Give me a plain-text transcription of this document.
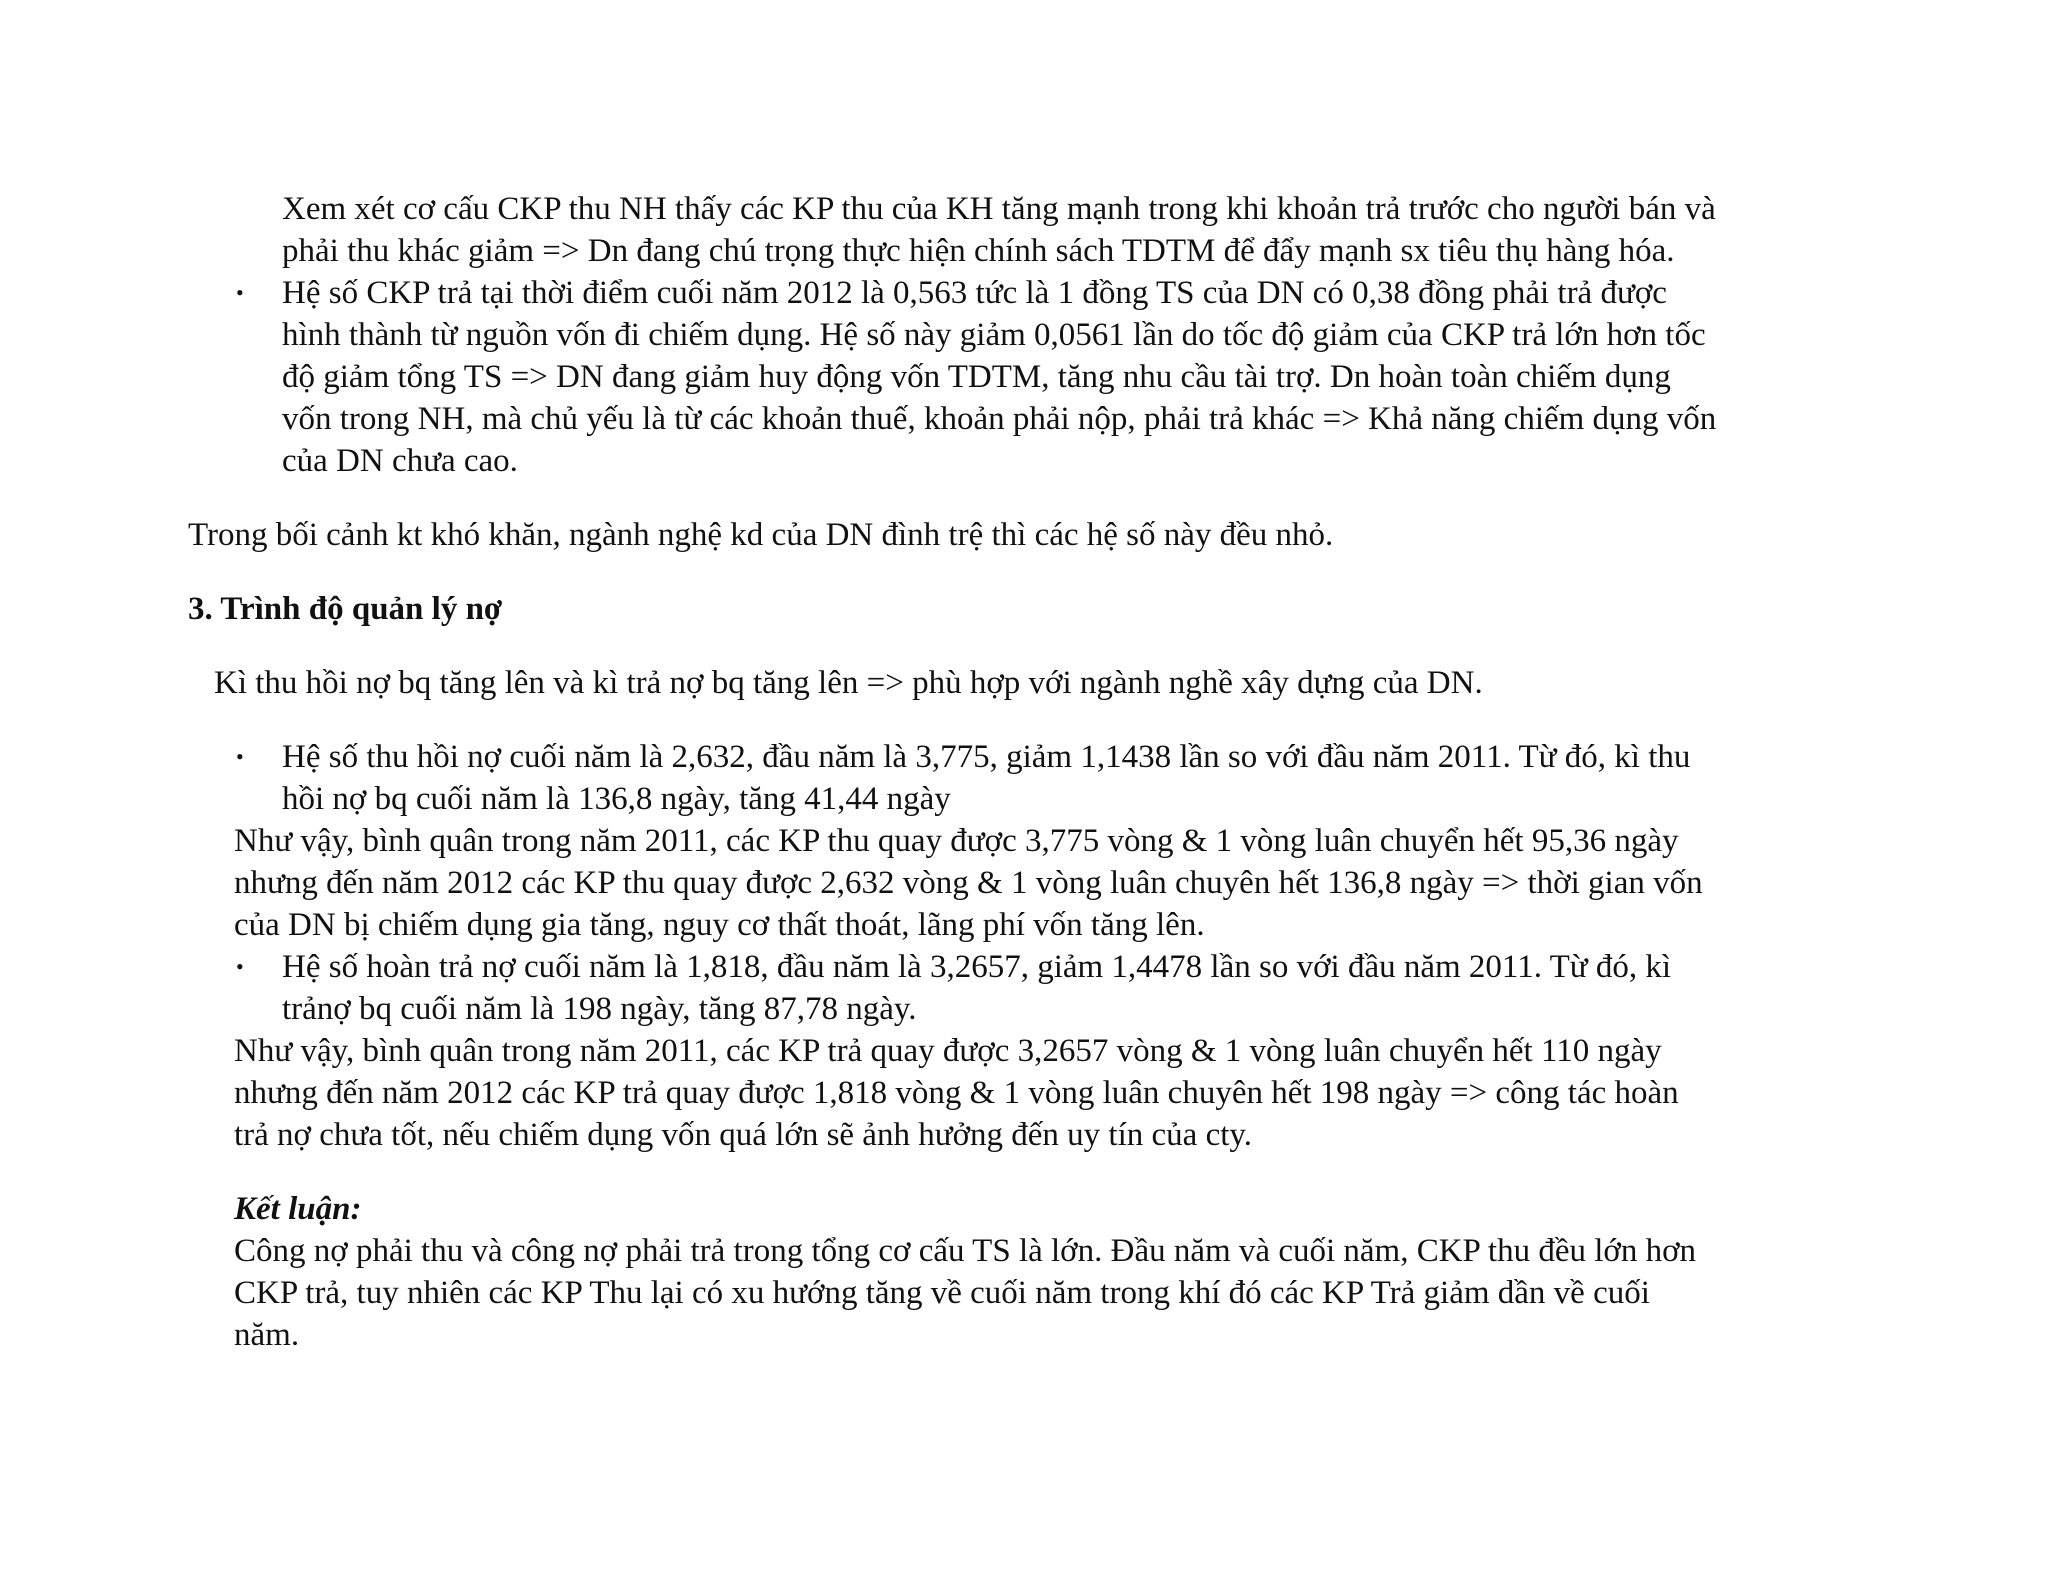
Xem xét cơ cấu CKP thu NH thấy các KP thu của KH tăng mạnh trong khi khoản trả trước cho người bán và

phải thu khác giảm => Dn đang chú trọng thực hiện chính sách TDTM để đẩy mạnh sx tiêu thụ hàng hóa.

• Hệ số CKP trả tại thời điểm cuối năm 2012 là 0,563 tức là 1 đồng TS của DN có 0,38 đồng phải trả được

hình thành từ nguồn vốn đi chiếm dụng. Hệ số này giảm 0,0561 lần do tốc độ giảm của CKP trả lớn hơn tốc

độ giảm tổng TS => DN đang giảm huy động vốn TDTM, tăng nhu cầu tài trợ. Dn hoàn toàn chiếm dụng

vốn trong NH, mà chủ yếu là từ các khoản thuế, khoản phải nộp, phải trả khác => Khả năng chiếm dụng vốn

của DN chưa cao.

Trong bối cảnh kt khó khăn, ngành nghệ kd của DN đình trệ thì các hệ số này đều nhỏ.

3. Trình độ quản lý nợ

Kì thu hồi nợ bq tăng lên và kì trả nợ bq tăng lên => phù hợp với ngành nghề xây dựng của DN.

• Hệ số thu hồi nợ cuối năm là 2,632, đầu năm là 3,775, giảm 1,1438 lần so với đầu năm 2011. Từ đó, kì thu

hồi nợ bq cuối năm là 136,8 ngày, tăng 41,44 ngày

Như vậy, bình quân trong năm 2011, các KP thu quay được 3,775 vòng & 1 vòng luân chuyển hết 95,36 ngày

nhưng đến năm 2012 các KP thu quay được 2,632 vòng & 1 vòng luân chuyên hết 136,8 ngày => thời gian vốn

của DN bị chiếm dụng gia tăng, nguy cơ thất thoát, lãng phí vốn tăng lên.

• Hệ số hoàn trả nợ cuối năm là 1,818, đầu năm là 3,2657, giảm 1,4478 lần so với đầu năm 2011. Từ đó, kì

trảnợ bq cuối năm là 198 ngày, tăng 87,78 ngày.

Như vậy, bình quân trong năm 2011, các KP trả quay được 3,2657 vòng & 1 vòng luân chuyển hết 110 ngày

nhưng đến năm 2012 các KP trả quay được 1,818 vòng & 1 vòng luân chuyên hết 198 ngày => công tác hoàn

trả nợ chưa tốt, nếu chiếm dụng vốn quá lớn sẽ ảnh hưởng đến uy tín của cty.

Kết luận:

Công nợ phải thu và công nợ phải trả trong tổng cơ cấu TS là lớn. Đầu năm và cuối năm, CKP thu đều lớn hơn

CKP trả, tuy nhiên các KP Thu lại có xu hướng tăng về cuối năm trong khí đó các KP Trả giảm dần về cuối

năm.
